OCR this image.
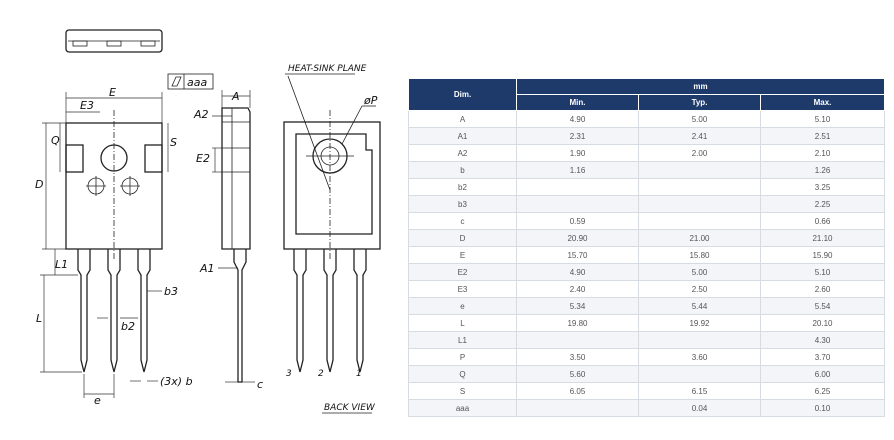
aaa
E
E3
D
Q	S
L1
L
b3
b2
(3x) b
e
A
A2
E2
A1
c
HEAT-SINK PLANE
øP
3	2	1
BACK VIEW
Dim.	mm		
	Min.	Typ.	Max.
A	4.90	5.00	5.10
A1	2.31	2.41	2.51
A2	1.90	2.00	2.10
b	1.16		1.26
b2			3.25
b3			2.25
c	0.59		0.66
D	20.90	21.00	21.10
E	15.70	15.80	15.90
E2	4.90	5.00	5.10
E3	2.40	2.50	2.60
e	5.34	5.44	5.54
L	19.80	19.92	20.10
L1			4.30
P	3.50	3.60	3.70
Q	5.60		6.00
S	6.05	6.15	6.25
aaa		0.04	0.10
